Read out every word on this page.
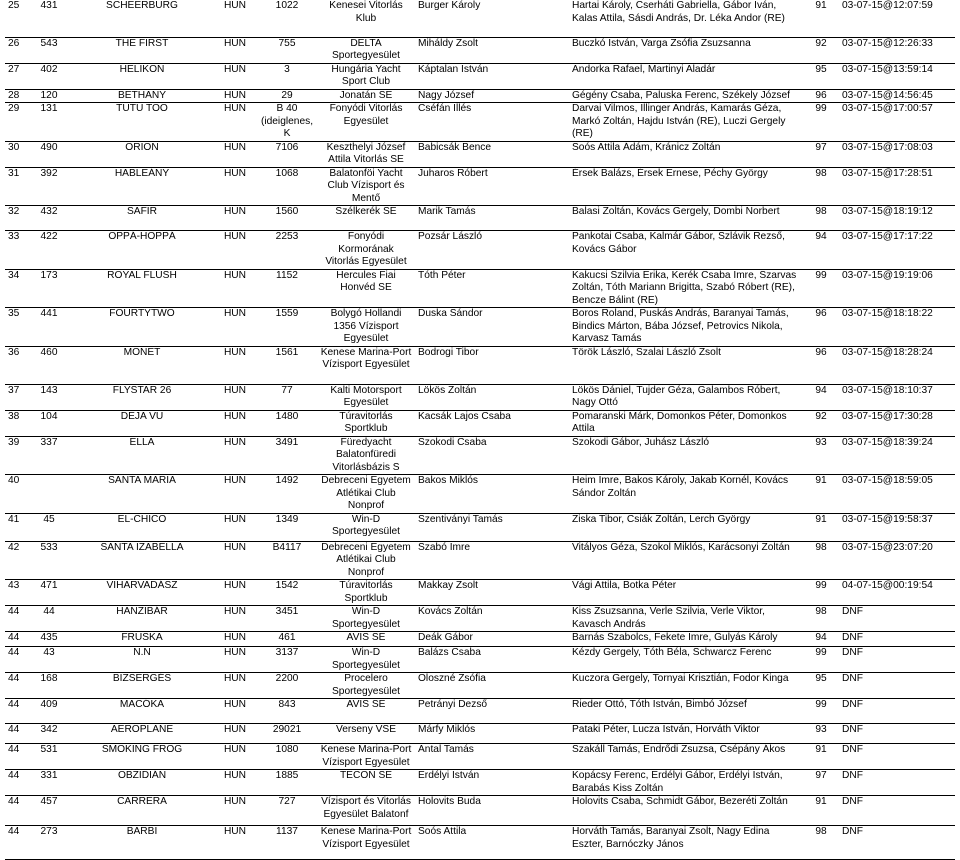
25	431	SCHEERBURG	HUN	1022	Kenesei Vitorlás Klub	Burger Károly	Hartai Károly, Cserháti Gabriella, Gábor Iván, Kalas Attila, Sásdi András, Dr. Léka Andor (RE)	91	03-07-15@12:07:59
26	543	THE FIRST	HUN	755	DELTA Sportegyesület	Miháldy Zsolt	Buczkó István, Varga Zsófia Zsuzsanna	92	03-07-15@12:26:33
27	402	HELIKON	HUN	3	Hungária Yacht Sport Club	Káptalan István	Andorka Rafael, Martinyi Aladár	95	03-07-15@13:59:14
28	120	BETHANY	HUN	29	Jonatán SE	Nagy József	Gégény Csaba, Paluska Ferenc, Székely József	96	03-07-15@14:56:45
29	131	TUTU TOO	HUN	B 40 (ideiglenes, K	Fonyódi Vitorlás Egyesület	Cséfán Illés	Darvai Vilmos, Illinger András, Kamarás Géza, Markó Zoltán, Hajdu István (RE), Luczi Gergely (RE)	99	03-07-15@17:00:57
30	490	ORION	HUN	7106	Keszthelyi József Attila Vitorlás SE	Babicsák Bence	Soós Attila Ádám, Kránicz Zoltán	97	03-07-15@17:08:03
31	392	HABLEÁNY	HUN	1068	Balatonföi Yacht Club Vízisport és Mentő	Juharos Róbert	Érsek Balázs, Érsek Ernese, Péchy György	98	03-07-15@17:28:51
32	432	SAFIR	HUN	1560	Szélkerék SE	Marik Tamás	Balasi Zoltán, Kovács Gergely, Dombi Norbert	98	03-07-15@18:19:12
33	422	OPPÁ-HOPPÁ	HUN	2253	Fonyódi Kormorának Vitorlás Egyesület	Pozsár László	Pankotai Csaba, Kalmár Gábor, Szlávik Rezső, Kovács Gábor	94	03-07-15@17:17:22
34	173	ROYAL FLUSH	HUN	1152	Hercules Fiai Honvéd SE	Tóth Péter	Kakucsi Szilvia Erika, Kerék Csaba Imre, Szarvas Zoltán, Tóth Mariann Brigitta, Szabó Róbert (RE), Bencze Bálint (RE)	99	03-07-15@19:19:06
35	441	FOURTYTWO	HUN	1559	Bolygó Hollandi 1356 Vízisport Egyesület	Duska Sándor	Boros Roland, Puskás András, Baranyai Tamás, Bindics Márton, Bába József, Petrovics Nikola, Karvasz Tamás	96	03-07-15@18:18:22
36	460	MONET	HUN	1561	Kenese Marina-Port Vízisport Egyesület	Bodrogi Tibor	Török László, Szalai László Zsolt	96	03-07-15@18:28:24
37	143	FLYSTAR 26	HUN	77	Kalti Motorsport Egyesület	Lökös Zoltán	Lökös Dániel, Tujder Géza, Galambos Róbert, Nagy Ottó	94	03-07-15@18:10:37
38	104	DEJA VU	HUN	1480	Túravitorlás Sportklub	Kacsák Lajos Csaba	Pomaranski Márk, Domonkos Péter, Domonkos Attila	92	03-07-15@17:30:28
39	337	ELLA	HUN	3491	Füredyacht Balatonfüredi Vitorlásbázis S	Szokodi Csaba	Szokodi Gábor, Juhász László	93	03-07-15@18:39:24
40		SANTA MARIA	HUN	1492	Debreceni Egyetem Atlétikai Club Nonprof	Bakos Miklós	Heim Imre, Bakos Károly, Jakab Kornél, Kovács Sándor Zoltán	91	03-07-15@18:59:05
41	45	EL-CHICO	HUN	1349	Win-D Sportegyesület	Szentiványi Tamás	Ziska Tibor, Csiák Zoltán, Lerch György	91	03-07-15@19:58:37
42	533	SANTA IZABELLA	HUN	B4117	Debreceni Egyetem Atlétikai Club Nonprof	Szabó Imre	Vitályos Géza, Szokol Miklós, Karácsonyi Zoltán	98	03-07-15@23:07:20
43	471	VIHARVADÁSZ	HUN	1542	Túravitorlás Sportklub	Makkay Zsolt	Vági Attila, Botka Péter	99	04-07-15@00:19:54
44	44	HANZIBÁR	HUN	3451	Win-D Sportegyesület	Kovács Zoltán	Kiss Zsuzsanna, Verle Szilvia, Verle Viktor, Kavasch András	98	DNF
44	435	FRUSKA	HUN	461	AVIS SE	Deák Gábor	Barnás Szabolcs, Fekete Imre, Gulyás Károly	94	DNF
44	43	N.N	HUN	3137	Win-D Sportegyesület	Balázs Csaba	Kézdy Gergely, Tóth Béla, Schwarcz Ferenc	99	DNF
44	168	BIZSERGÉS	HUN	2200	Procelero Sportegyesület	Oloszné Zsófia	Kuczora Gergely, Tornyai Krisztián, Fodor Kinga	95	DNF
44	409	MACÓKA	HUN	843	AVIS SE	Petrányi Dezső	Rieder Ottó, Tóth István, Bimbó József	99	DNF
44	342	AEROPLANE	HUN	29021	Verseny VSE	Márfy Miklós	Pataki Péter, Lucza István, Horváth Viktor	93	DNF
44	531	SMOKING FROG	HUN	1080	Kenese Marina-Port Vízisport Egyesület	Antal Tamás	Szakáll Tamás, Endrődi Zsuzsa, Csépány Ákos	91	DNF
44	331	OBZIDIÁN	HUN	1885	TECON SE	Erdélyi István	Kopácsy Ferenc, Erdélyi Gábor, Erdélyi István, Barabás Kiss Zoltán	97	DNF
44	457	CARRERA	HUN	727	Vízisport és Vitorlás Egyesület Balatonf	Holovits Buda	Holovits Csaba, Schmidt Gábor, Bezeréti Zoltán	91	DNF
44	273	BARBI	HUN	1137	Kenese Marina-Port Vízisport Egyesület	Soós Attila	Horváth Tamás, Baranyai Zsolt, Nagy Edina Eszter, Barnóczky János	98	DNF
